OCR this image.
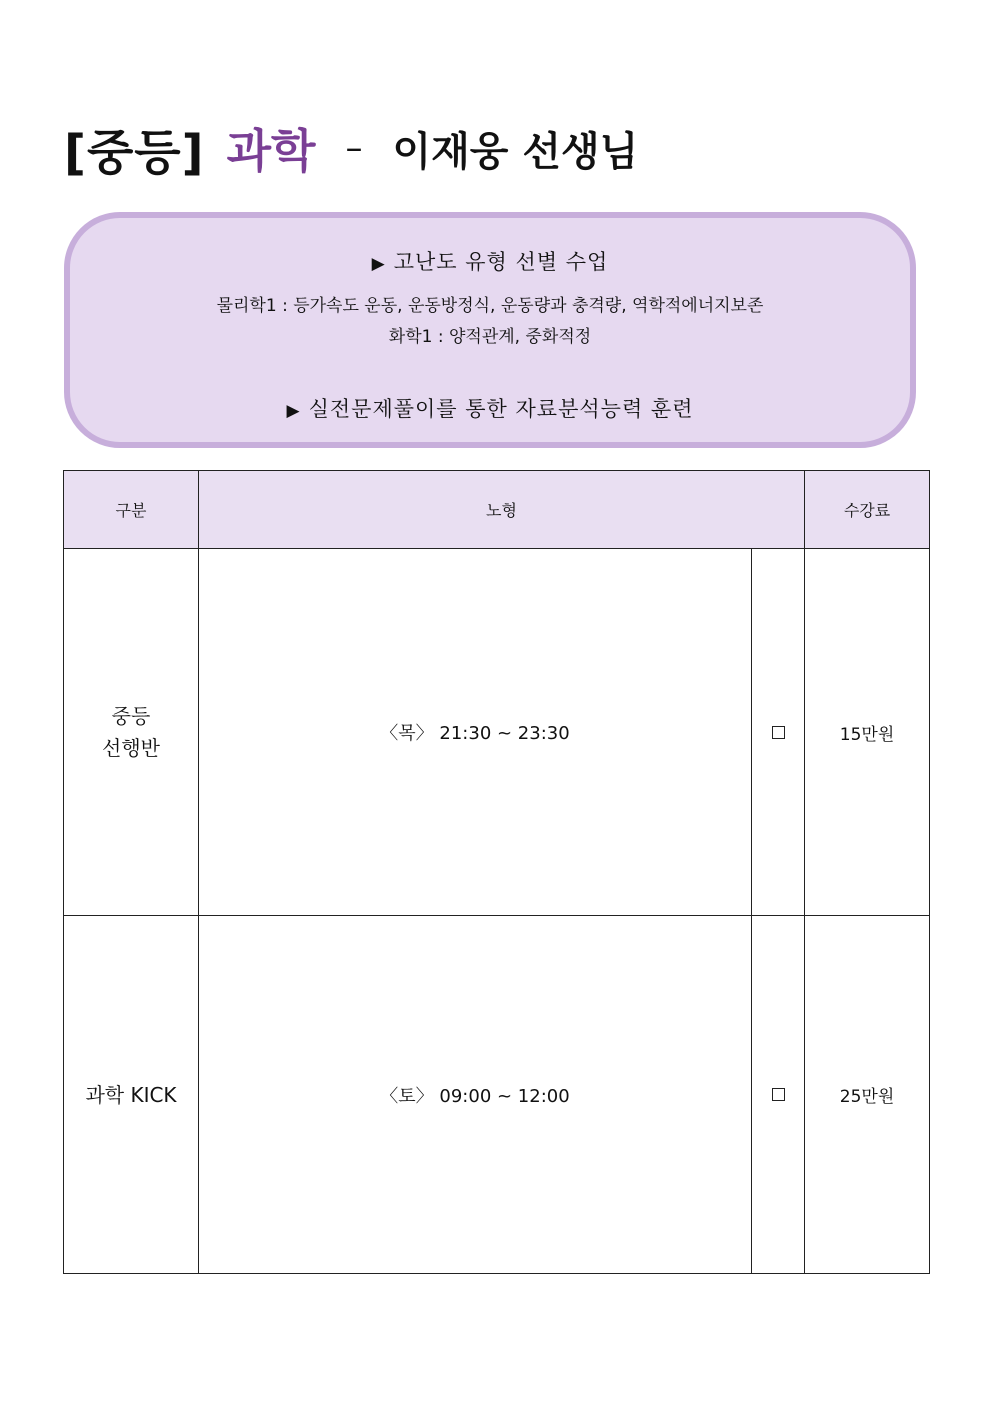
[중등] 과학 – 이재웅 선생님
▶ 고난도 유형 선별 수업
물리학1 : 등가속도 운동, 운동방정식, 운동량과 충격량, 역학적에너지보존
화학1 : 양적관계, 중화적정
▶ 실전문제풀이를 통한 자료분석능력 훈련
구분	노형		수강료

중등
선행반	〈목〉 21:30 ~ 23:30		15만원

과학 KICK	〈토〉 09:00 ~ 12:00		25만원
